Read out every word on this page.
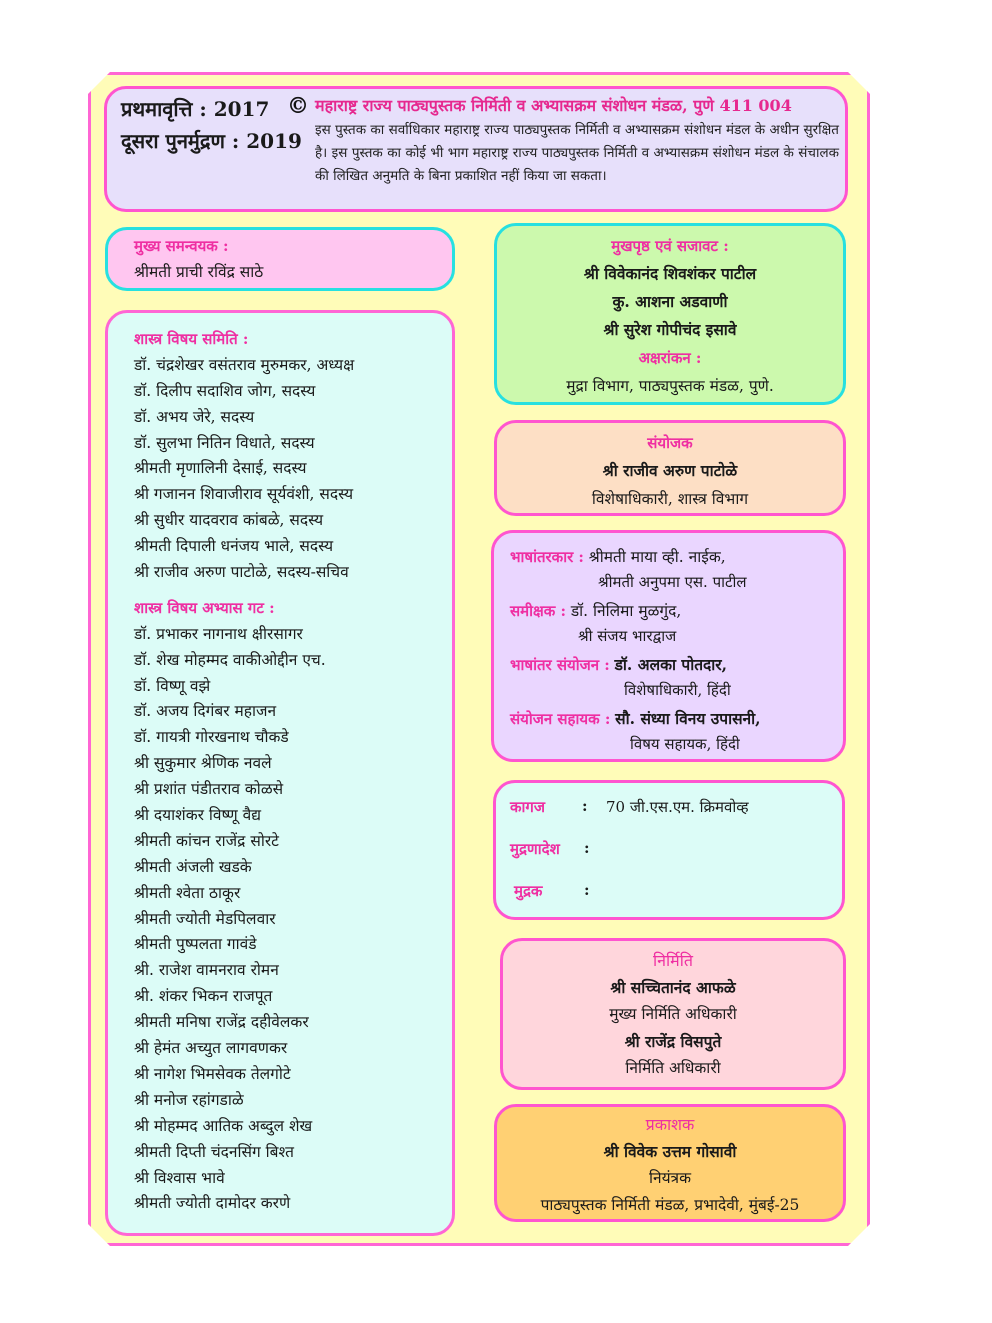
प्रथमावृत्ति : 2017
दूसरा पुनर्मुद्रण : 2019
© महाराष्ट्र राज्य पाठ्यपुस्तक निर्मिती व अभ्यासक्रम संशोधन मंडळ, पुणे 411 004
इस पुस्तक का सर्वाधिकार महाराष्ट्र राज्य पाठ्यपुस्तक निर्मिती व अभ्यासक्रम संशोधन मंडल के अधीन सुरक्षित है। इस पुस्तक का कोई भी भाग महाराष्ट्र राज्य पाठ्यपुस्तक निर्मिती व अभ्यासक्रम संशोधन मंडल के संचालक की लिखित अनुमति के बिना प्रकाशित नहीं किया जा सकता।
मुख्य समन्वयक :
श्रीमती प्राची रविंद्र साठे
शास्त्र विषय समिति :
डॉ. चंद्रशेखर वसंतराव मुरुमकर, अध्यक्ष
डॉ. दिलीप सदाशिव जोग, सदस्य
डॉ. अभय जेरे, सदस्य
डॉ. सुलभा नितिन विधाते, सदस्य
श्रीमती मृणालिनी देसाई, सदस्य
श्री गजानन शिवाजीराव सूर्यवंशी, सदस्य
श्री सुधीर यादवराव कांबळे, सदस्य
श्रीमती दिपाली धनंजय भाले, सदस्य
श्री राजीव अरुण पाटोळे, सदस्य-सचिव
शास्त्र विषय अभ्यास गट :
डॉ. प्रभाकर नागनाथ क्षीरसागर
डॉ. शेख मोहम्मद वाकीओद्दीन एच.
डॉ. विष्णू वझे
डॉ. अजय दिगंबर महाजन
डॉ. गायत्री गोरखनाथ चौकडे
श्री सुकुमार श्रेणिक नवले
श्री प्रशांत पंडीतराव कोळसे
श्री दयाशंकर विष्णू वैद्य
श्रीमती कांचन राजेंद्र सोरटे
श्रीमती अंजली खडके
श्रीमती श्वेता ठाकूर
श्रीमती ज्योती मेडपिलवार
श्रीमती पुष्पलता गावंडे
श्री. राजेश वामनराव रोमन
श्री. शंकर भिकन राजपूत
श्रीमती मनिषा राजेंद्र दहीवेलकर
श्री हेमंत अच्युत लागवणकर
श्री नागेश भिमसेवक तेलगोटे
श्री मनोज रहांगडाळे
श्री मोहम्मद आतिक अब्दुल शेख
श्रीमती दिप्ती चंदनसिंग बिश्त
श्री विश्वास भावे
श्रीमती ज्योती दामोदर करणे
मुखपृष्ठ एवं सजावट :
श्री विवेकानंद शिवशंकर पाटील
कु. आशना अडवाणी
श्री सुरेश गोपीचंद इसावे
अक्षरांकन :
मुद्रा विभाग, पाठ्यपुस्तक मंडळ, पुणे.
संयोजक
श्री राजीव अरुण पाटोळे
विशेषाधिकारी, शास्त्र विभाग
भाषांतरकार : श्रीमती माया व्ही. नाईक,
श्रीमती अनुपमा एस. पाटील
समीक्षक : डॉ. निलिमा मुळगुंद,
श्री संजय भारद्वाज
भाषांतर संयोजन : डॉ. अलका पोतदार,
विशेषाधिकारी, हिंदी
संयोजन सहायक : सौ. संध्या विनय उपासनी,
विषय सहायक, हिंदी
कागज : 70 जी.एस.एम. क्रिमवोव्ह
मुद्रणादेश :
मुद्रक	:
निर्मिति
श्री सच्चितानंद आफळे
मुख्य निर्मिति अधिकारी
श्री राजेंद्र विसपुते
निर्मिति अधिकारी
प्रकाशक
श्री विवेक उत्तम गोसावी
नियंत्रक
पाठ्यपुस्तक निर्मिती मंडळ, प्रभादेवी, मुंबई-25
